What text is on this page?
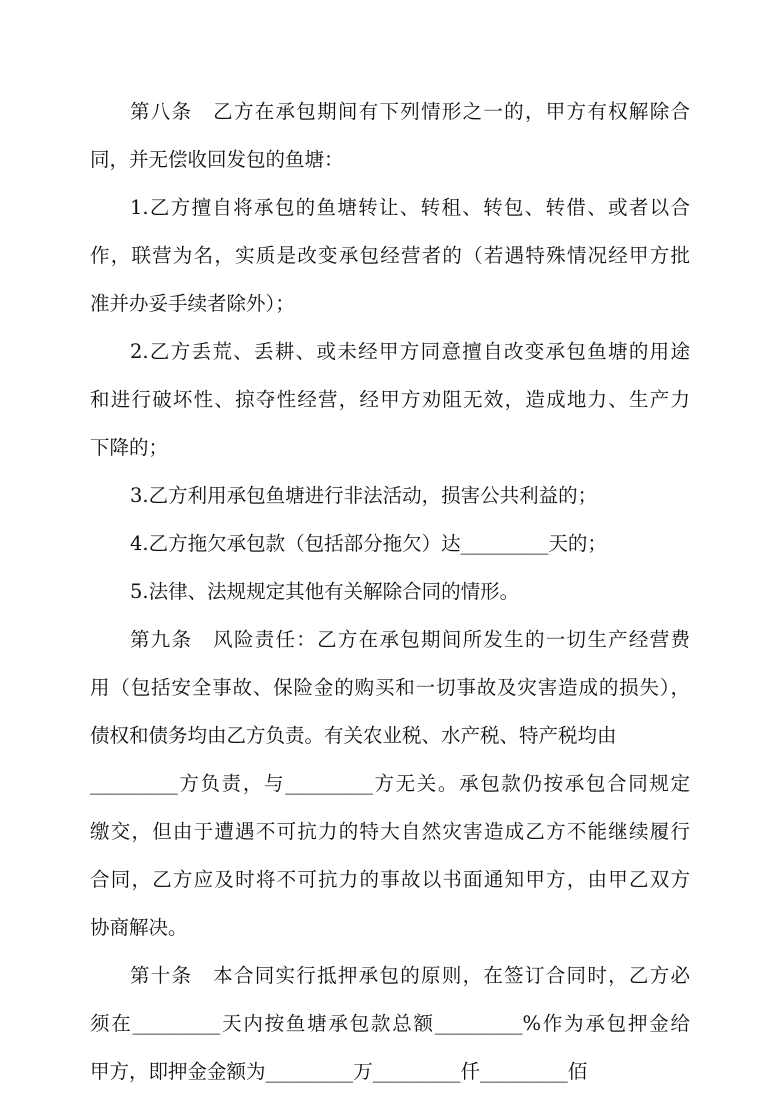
第八条　乙方在承包期间有下列情形之一的，甲方有权解除合
同，并无偿收回发包的鱼塘：
1.乙方擅自将承包的鱼塘转让、转租、转包、转借、或者以合
作，联营为名，实质是改变承包经营者的（若遇特殊情况经甲方批
准并办妥手续者除外）；
2.乙方丢荒、丢耕、或未经甲方同意擅自改变承包鱼塘的用途
和进行破坏性、掠夺性经营，经甲方劝阻无效，造成地力、生产力
下降的；
3.乙方利用承包鱼塘进行非法活动，损害公共利益的；
4.乙方拖欠承包款（包括部分拖欠）达_________天的；
5.法律、法规规定其他有关解除合同的情形。
第九条　风险责任：乙方在承包期间所发生的一切生产经营费
用（包括安全事故、保险金的购买和一切事故及灾害造成的损失），
债权和债务均由乙方负责。有关农业税、水产税、特产税均由
_________方负责，与_________方无关。承包款仍按承包合同规定
缴交，但由于遭遇不可抗力的特大自然灾害造成乙方不能继续履行
合同，乙方应及时将不可抗力的事故以书面通知甲方，由甲乙双方
协商解决。
第十条　本合同实行抵押承包的原则，在签订合同时，乙方必
须在_________天内按鱼塘承包款总额_________%作为承包押金给
甲方，即押金金额为_________万_________仟_________佰
